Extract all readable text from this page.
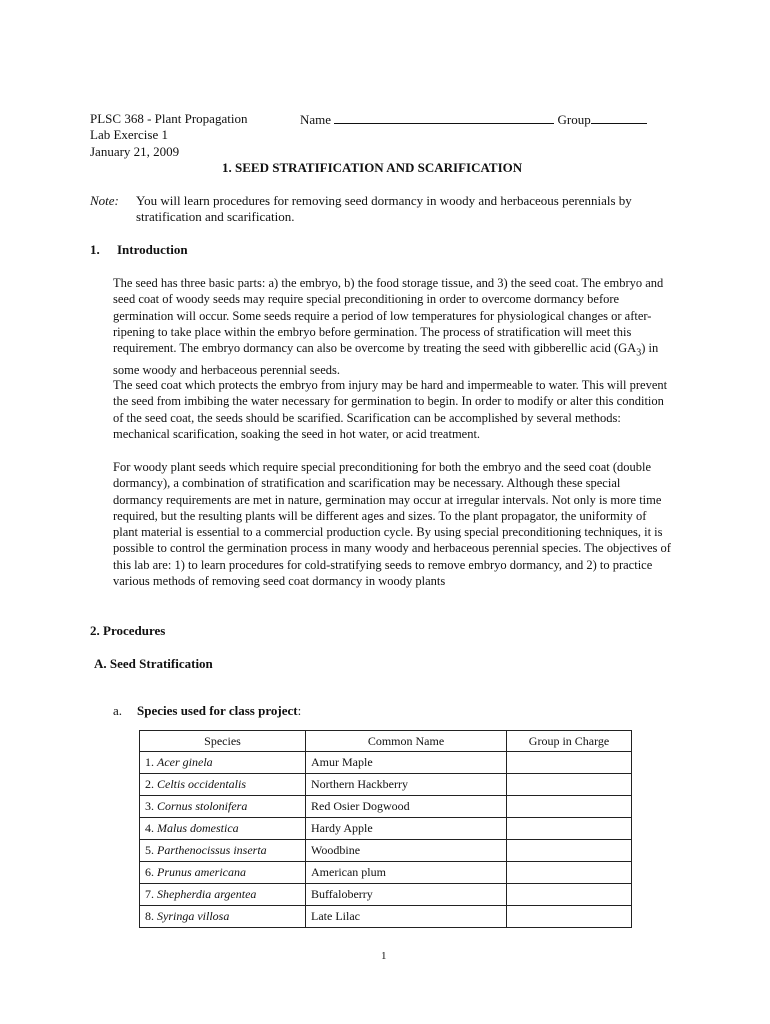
PLSC 368 - Plant Propagation	Name	Group
Lab Exercise 1
January 21, 2009
1. SEED STRATIFICATION AND SCARIFICATION
Note: You will learn procedures for removing seed dormancy in woody and herbaceous perennials by
stratification and scarification.
1. Introduction
The seed has three basic parts: a) the embryo, b) the food storage tissue, and 3) the seed coat. The embryo and seed coat of woody seeds may require special preconditioning in order to overcome dormancy before germination will occur. Some seeds require a period of low temperatures for physiological changes or after-ripening to take place within the embryo before germination. The process of stratification will meet this requirement. The embryo dormancy can also be overcome by treating the seed with gibberellic acid $(GA_3)$ in some woody and herbaceous perennial seeds.
The seed coat which protects the embryo from injury may be hard and impermeable to water. This will prevent the seed from imbibing the water necessary for germination to begin. In order to modify or alter this condition of the seed coat, the seeds should be scarified. Scarification can be accomplished by several methods: mechanical scarification, soaking the seed in hot water, or acid treatment.
For woody plant seeds which require special preconditioning for both the embryo and the seed coat (double dormancy), a combination of stratification and scarification may be necessary. Although these special dormancy requirements are met in nature, germination may occur at irregular intervals. Not only is more time required, but the resulting plants will be different ages and sizes. To the plant propagator, the uniformity of plant material is essential to a commercial production cycle. By using special preconditioning techniques, it is possible to control the germination process in many woody and herbaceous perennial species. The objectives of this lab are: 1) to learn procedures for cold-stratifying seeds to remove embryo dormancy, and 2) to practice various methods of removing seed coat dormancy in woody plants
2. Procedures
A. Seed Stratification
a. Species used for class project:
Species	Common Name	Group in Charge
1. Acer ginela	Amur Maple	
2. Celtis occidentalis	Northern Hackberry	
3. Cornus stolonifera	Red Osier Dogwood	
4. Malus domestica	Hardy Apple	
5. Parthenocissus inserta	Woodbine	
6. Prunus americana	American plum	
7. Shepherdia argentea	Buffaloberry	
8. Syringa villosa	Late Lilac	
1
